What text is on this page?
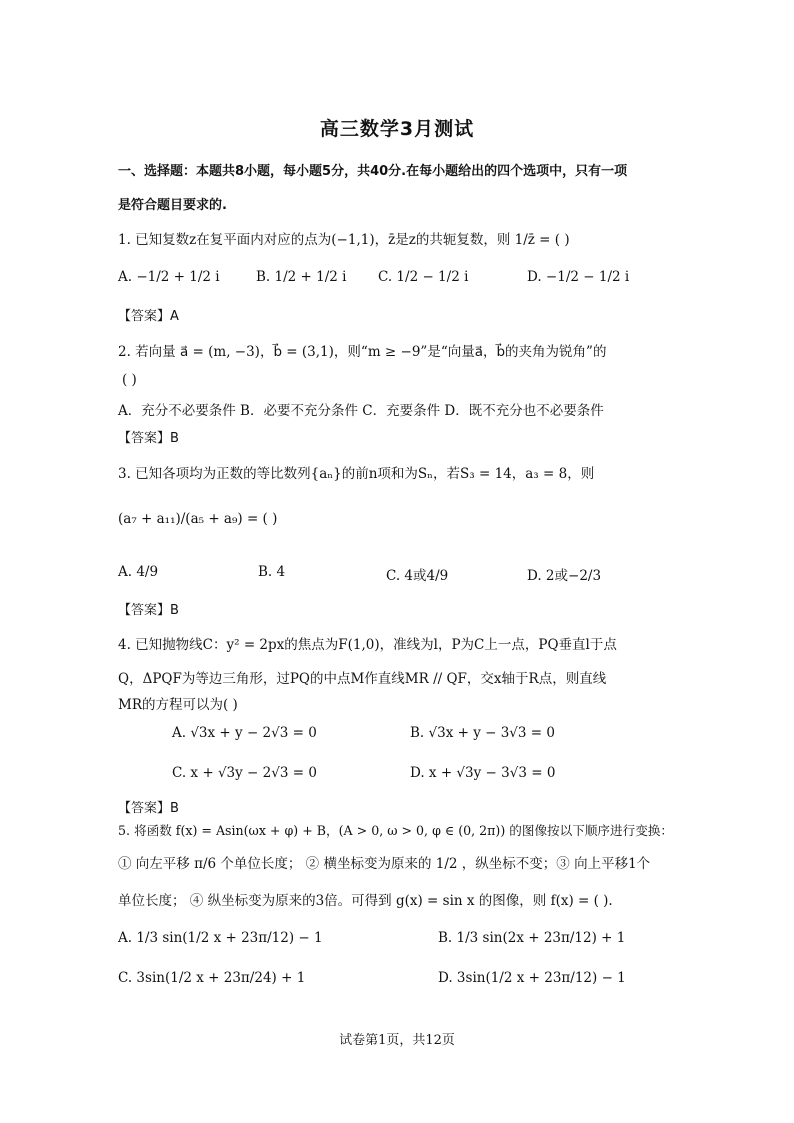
高三数学3月测试
一、选择题：本题共8小题，每小题5分，共40分.在每小题给出的四个选项中，只有一项
是符合题目要求的.
1. 已知复数z在复平面内对应的点为(−1,1)，z̄是z的共轭复数，则 1/z̄ = ( )
A. −1/2 + 1/2 i	B. 1/2 + 1/2 i C. 1/2 − 1/2 i	D. −1/2 − 1/2 i
【答案】A
2. 若向量 a⃗ = (m, −3)，b⃗ = (3,1)，则“m ≥ −9”是“向量a⃗，b⃗的夹角为锐角”的
( )
A．充分不必要条件 B．必要不充分条件 C．充要条件 D．既不充分也不必要条件
【答案】B
3. 已知各项均为正数的等比数列{aₙ}的前n项和为Sₙ，若S₃ = 14，a₃ = 8，则
(a₇ + a₁₁)/(a₅ + a₉) = ( )
A. 4/9	B. 4	C. 4或4/9	D. 2或−2/3
【答案】B
4. 已知抛物线C：y² = 2px的焦点为F(1,0)，准线为l，P为C上一点，PQ垂直l于点
Q，ΔPQF为等边三角形，过PQ的中点M作直线MR // QF，交x轴于R点，则直线
MR的方程可以为( )
A. √3x + y − 2√3 = 0	B. √3x + y − 3√3 = 0
C. x + √3y − 2√3 = 0	D. x + √3y − 3√3 = 0
【答案】B
5. 将函数 f(x) = Asin(ωx + φ) + B，(A > 0, ω > 0, φ ∈ (0, 2π)) 的图像按以下顺序进行变换：
① 向左平移 π/6 个单位长度； ② 横坐标变为原来的 1/2 ，纵坐标不变；③ 向上平移1个
单位长度； ④ 纵坐标变为原来的3倍。可得到 g(x) = sin x 的图像，则 f(x) = ( ).
A. 1/3 sin(1/2 x + 23π/12) − 1	B. 1/3 sin(2x + 23π/12) + 1
C. 3sin(1/2 x + 23π/24) + 1	D. 3sin(1/2 x + 23π/12) − 1
试卷第1页，共12页
